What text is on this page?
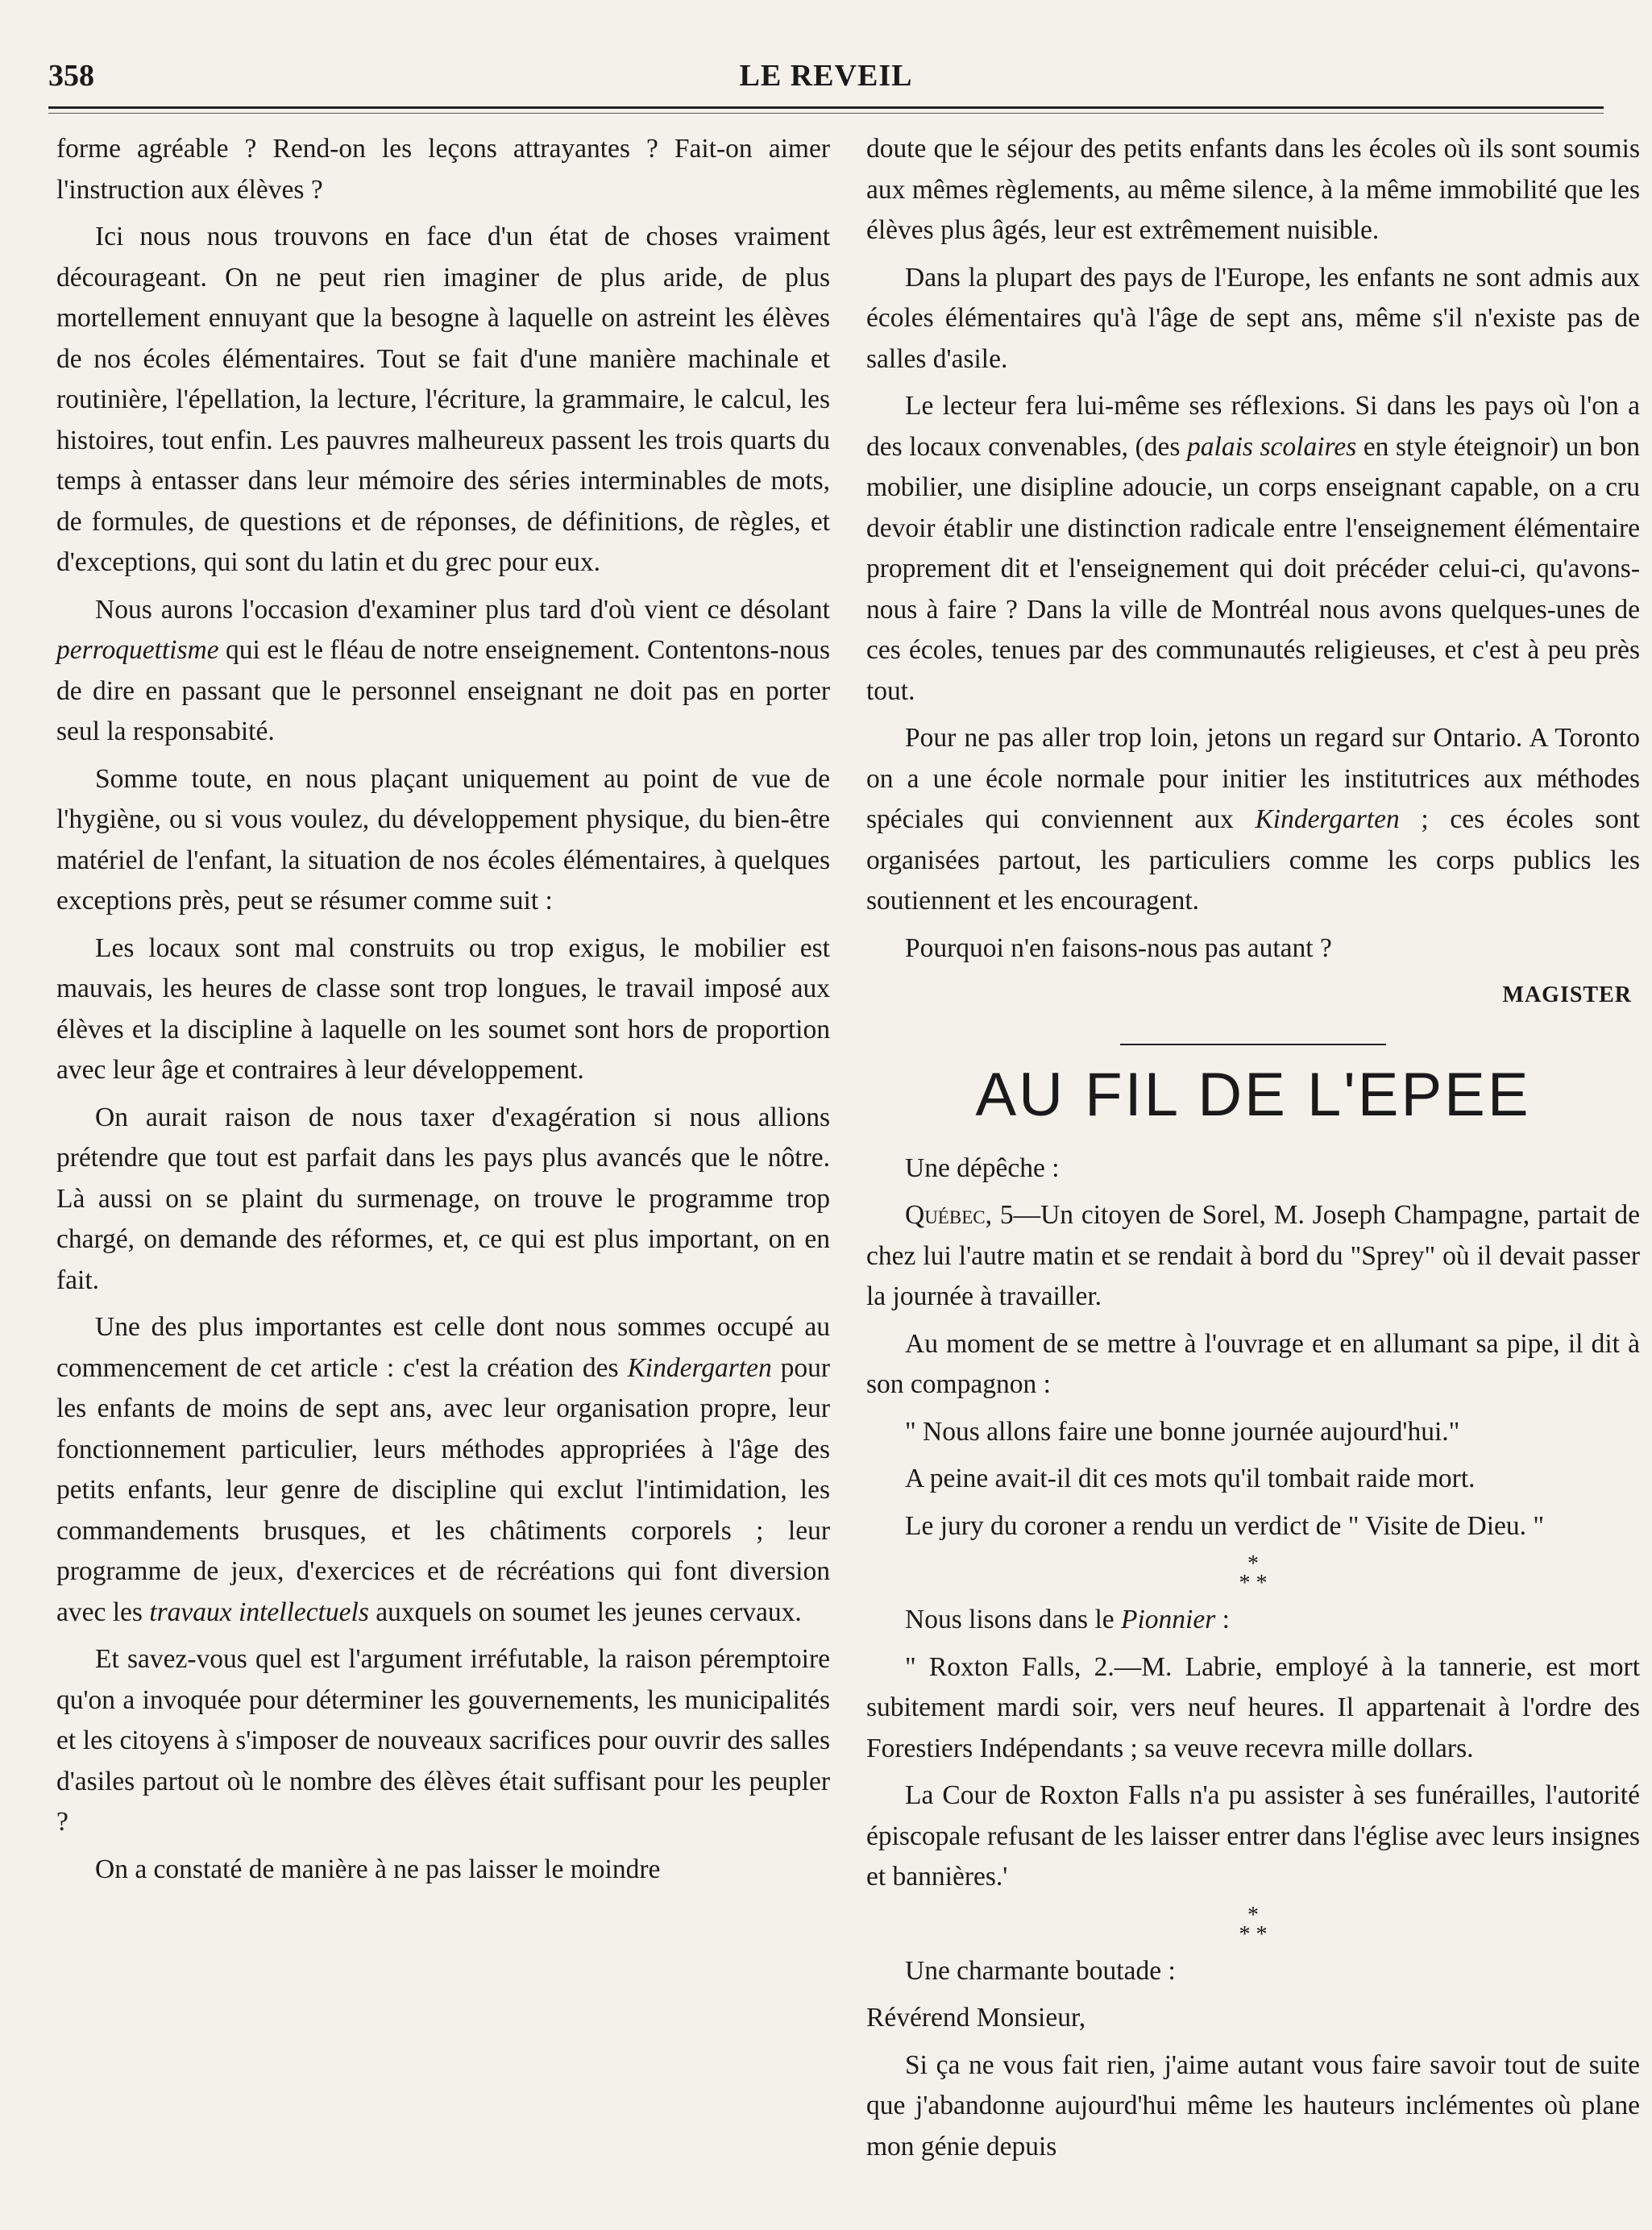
358	LE REVEIL

forme agréable ? Rend-on les leçons attrayantes ? Fait-on aimer l'instruction aux élèves ?

Ici nous nous trouvons en face d'un état de choses vraiment décourageant. On ne peut rien imaginer de plus aride, de plus mortellement ennuyant que la besogne à laquelle on astreint les élèves de nos écoles élémentaires. Tout se fait d'une manière machinale et routinière, l'épellation, la lecture, l'écriture, la grammaire, le calcul, les histoires, tout enfin. Les pauvres malheureux passent les trois quarts du temps à entasser dans leur mémoire des séries interminables de mots, de formules, de questions et de réponses, de définitions, de règles, et d'exceptions, qui sont du latin et du grec pour eux.

Nous aurons l'occasion d'examiner plus tard d'où vient ce désolant perroquettisme qui est le fléau de notre enseignement. Contentons-nous de dire en passant que le personnel enseignant ne doit pas en porter seul la responsabité.

Somme toute, en nous plaçant uniquement au point de vue de l'hygiène, ou si vous voulez, du développement physique, du bien-être matériel de l'enfant, la situation de nos écoles élémentaires, à quelques exceptions près, peut se résumer comme suit :

Les locaux sont mal construits ou trop exigus, le mobilier est mauvais, les heures de classe sont trop longues, le travail imposé aux élèves et la discipline à laquelle on les soumet sont hors de proportion avec leur âge et contraires à leur développement.

On aurait raison de nous taxer d'exagération si nous allions prétendre que tout est parfait dans les pays plus avancés que le nôtre. Là aussi on se plaint du surmenage, on trouve le programme trop chargé, on demande des réformes, et, ce qui est plus important, on en fait.

Une des plus importantes est celle dont nous sommes occupé au commencement de cet article : c'est la création des Kindergarten pour les enfants de moins de sept ans, avec leur organisation propre, leur fonctionnement particulier, leurs méthodes appropriées à l'âge des petits enfants, leur genre de discipline qui exclut l'intimidation, les commandements brusques, et les châtiments corporels ; leur programme de jeux, d'exercices et de récréations qui font diversion avec les travaux intellectuels auxquels on soumet les jeunes cervaux.

Et savez-vous quel est l'argument irréfutable, la raison péremptoire qu'on a invoquée pour déterminer les gouvernements, les municipalités et les citoyens à s'imposer de nouveaux sacrifices pour ouvrir des salles d'asiles partout où le nombre des élèves était suffisant pour les peupler ?

On a constaté de manière à ne pas laisser le moindre

doute que le séjour des petits enfants dans les écoles où ils sont soumis aux mêmes règlements, au même silence, à la même immobilité que les élèves plus âgés, leur est extrêmement nuisible.

Dans la plupart des pays de l'Europe, les enfants ne sont admis aux écoles élémentaires qu'à l'âge de sept ans, même s'il n'existe pas de salles d'asile.

Le lecteur fera lui-même ses réflexions. Si dans les pays où l'on a des locaux convenables, (des palais scolaires en style éteignoir) un bon mobilier, une disipline adoucie, un corps enseignant capable, on a cru devoir établir une distinction radicale entre l'enseignement élémentaire proprement dit et l'enseignement qui doit précéder celui-ci, qu'avons-nous à faire ? Dans la ville de Montréal nous avons quelques-unes de ces écoles, tenues par des communautés religieuses, et c'est à peu près tout.

Pour ne pas aller trop loin, jetons un regard sur Ontario. A Toronto on a une école normale pour initier les institutrices aux méthodes spéciales qui conviennent aux Kindergarten ; ces écoles sont organisées partout, les particuliers comme les corps publics les soutiennent et les encouragent.

Pourquoi n'en faisons-nous pas autant ?

MAGISTER
AU FIL DE L'EPEE

Une dépêche :

Québec, 5—Un citoyen de Sorel, M. Joseph Champagne, partait de chez lui l'autre matin et se rendait à bord du "Sprey" où il devait passer la journée à travailler.

Au moment de se mettre à l'ouvrage et en allumant sa pipe, il dit à son compagnon :

" Nous allons faire une bonne journée aujourd'hui."

A peine avait-il dit ces mots qu'il tombait raide mort.

Le jury du coroner a rendu un verdict de " Visite de Dieu. "

*
* *

Nous lisons dans le Pionnier :

" Roxton Falls, 2.—M. Labrie, employé à la tannerie, est mort subitement mardi soir, vers neuf heures. Il appartenait à l'ordre des Forestiers Indépendants ; sa veuve recevra mille dollars.

La Cour de Roxton Falls n'a pu assister à ses funérailles, l'autorité épiscopale refusant de les laisser entrer dans l'église avec leurs insignes et bannières.'

*
* *

Une charmante boutade :

Révérend Monsieur,

Si ça ne vous fait rien, j'aime autant vous faire savoir tout de suite que j'abandonne aujourd'hui même les hauteurs inclémentes où plane mon génie depuis
